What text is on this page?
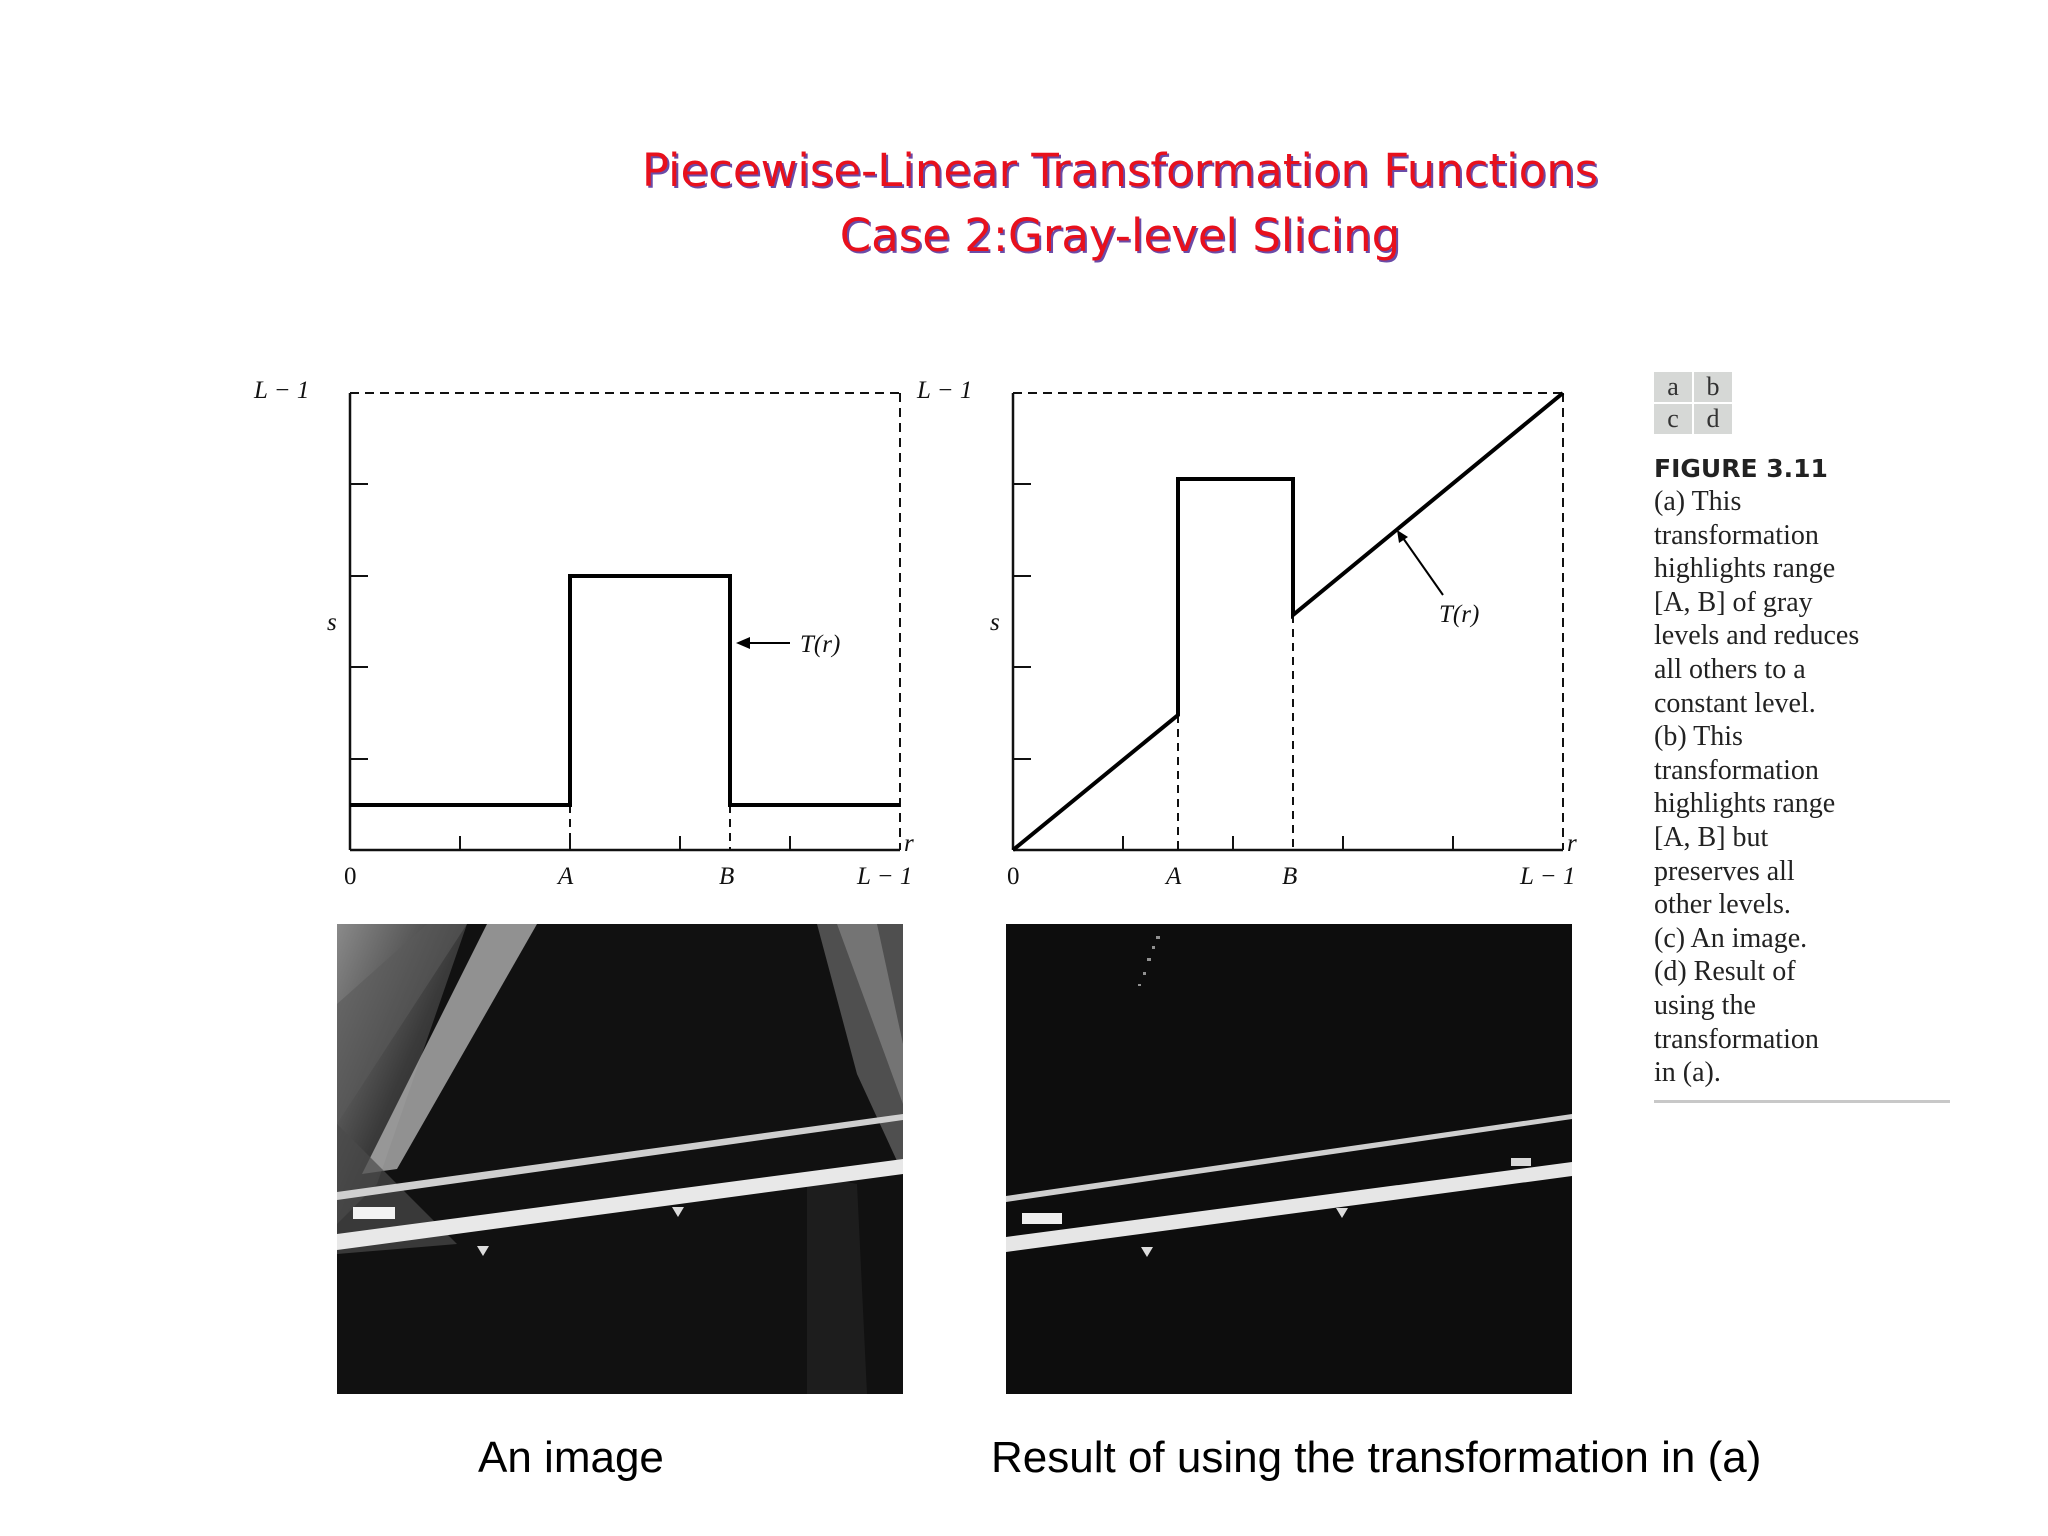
Piecewise-Linear Transformation Functions
Case 2:Gray-level Slicing
L − 1
s
0	A	B	L − 1
r
T(r)
L − 1
s
0	A	B	L − 1
r
T(r)
a	b
c	d
FIGURE 3.11

(a) This

transformation

highlights range

[A, B] of gray

levels and reduces

all others to a

constant level.

(b) This

transformation

highlights range

[A, B] but

preserves all

other levels.

(c) An image.

(d) Result of

using the

transformation

in (a).

An image	Result of using the transformation in (a)
